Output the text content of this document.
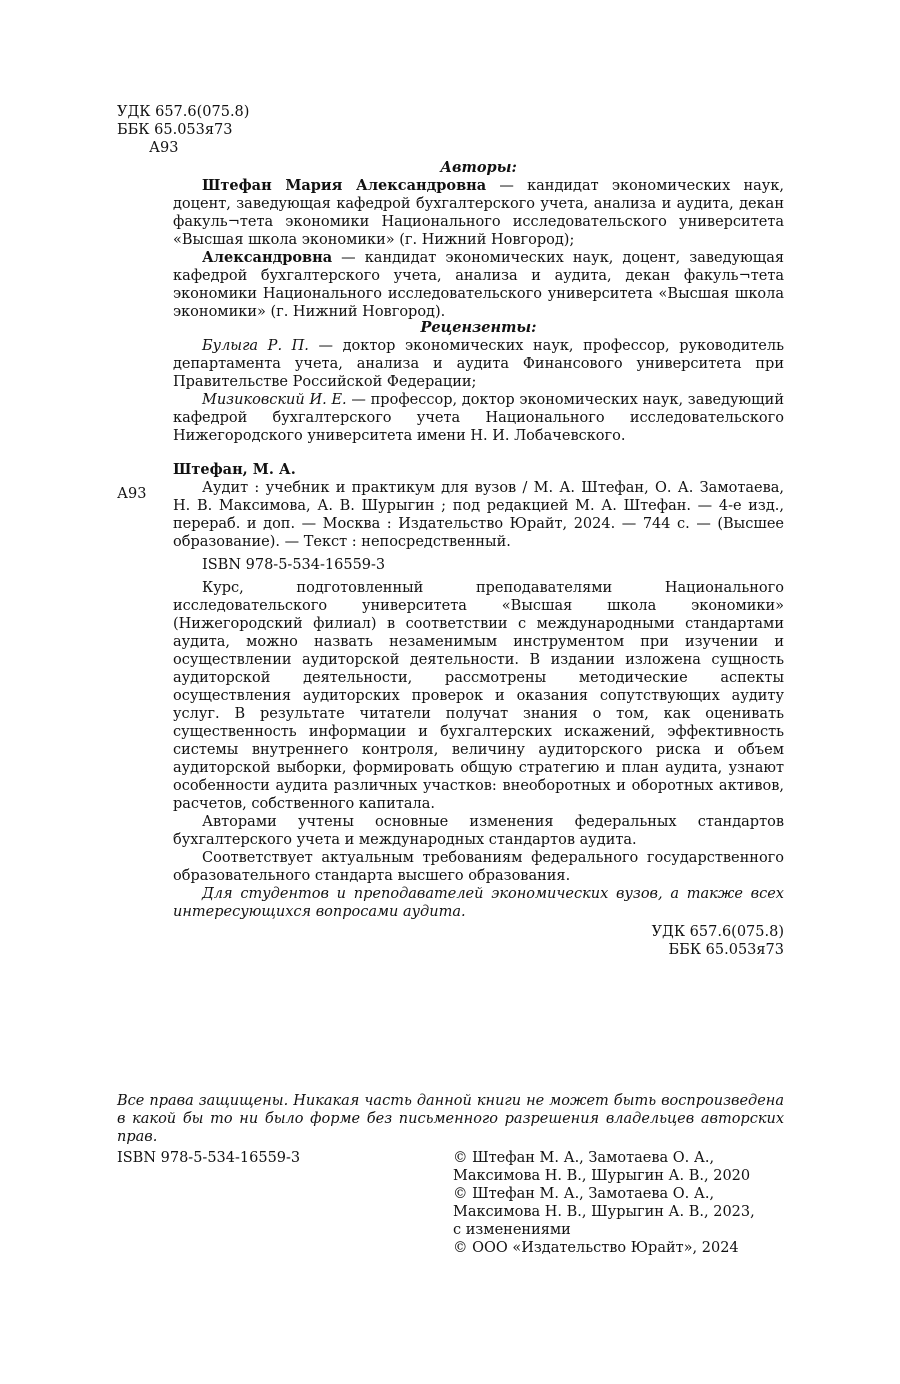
УДК 657.6(075.8)
ББК 65.053я73
А93
Авторы:

Штефан Мария Александровна — кандидат экономических наук, доцент, заведующая кафедрой бухгалтерского учета, анализа и аудита, декан факуль¬тета экономики Национального исследовательского университета «Высшая школа экономики» (г. Нижний Новгород);

Александровна — кандидат экономических наук, доцент, заведующая кафедрой бухгалтерского учета, анализа и аудита, декан факуль¬тета экономики Национального исследовательского университета «Высшая школа экономики» (г. Нижний Новгород).

Рецензенты:

Булыга Р. П. — доктор экономических наук, профессор, руководитель департамента учета, анализа и аудита Финансового университета при Правительстве Российской Федерации;

Мизиковский И. Е. — профессор, доктор экономических наук, заведующий кафедрой бухгалтерского учета Национального исследовательского Нижегородского университета имени Н. И. Лобачевского.

Штефан, М. А.
А93	Аудит : учебник и практикум для вузов / М. А. Штефан, О. А. Замотаева, Н. В. Максимова, А. В. Шурыгин ; под редакцией М. А. Штефан. — 4-е изд., перераб. и доп. — Москва : Издательство Юрайт, 2024. — 744 с. — (Высшее образование). — Текст : непосредственный.

ISBN 978-5-534-16559-3

Курс, подготовленный преподавателями Национального исследовательского университета «Высшая школа экономики» (Нижегородский филиал) в соответствии с международными стандартами аудита, можно назвать незаменимым инструментом при изучении и осуществлении аудиторской деятельности. В издании изложена сущность аудиторской деятельности, рассмотрены методические аспекты осуществления аудиторских проверок и оказания сопутствующих аудиту услуг. В результате читатели получат знания о том, как оценивать существенность информации и бухгалтерских искажений, эффективность системы внутреннего контроля, величину аудиторского риска и объем аудиторской выборки, формировать общую стратегию и план аудита, узнают особенности аудита различных участков: внеоборотных и оборотных активов, расчетов, собственного капитала.

Авторами учтены основные изменения федеральных стандартов бухгалтерского учета и международных стандартов аудита.

Соответствует актуальным требованиям федерального государственного образовательного стандарта высшего образования.

Для студентов и преподавателей экономических вузов, а также всех интересующихся вопросами аудита.

УДК 657.6(075.8)
ББК 65.053я73

Все права защищены. Никакая часть данной книги не может быть воспроизведена в какой бы то ни было форме без письменного разрешения владельцев авторских прав.

ISBN 978-5-534-16559-3	© Штефан М. А., Замотаева О. А.,
Максимова Н. В., Шурыгин А. В., 2020
© Штефан М. А., Замотаева О. А.,
Максимова Н. В., Шурыгин А. В., 2023,
с изменениями
© ООО «Издательство Юрайт», 2024
